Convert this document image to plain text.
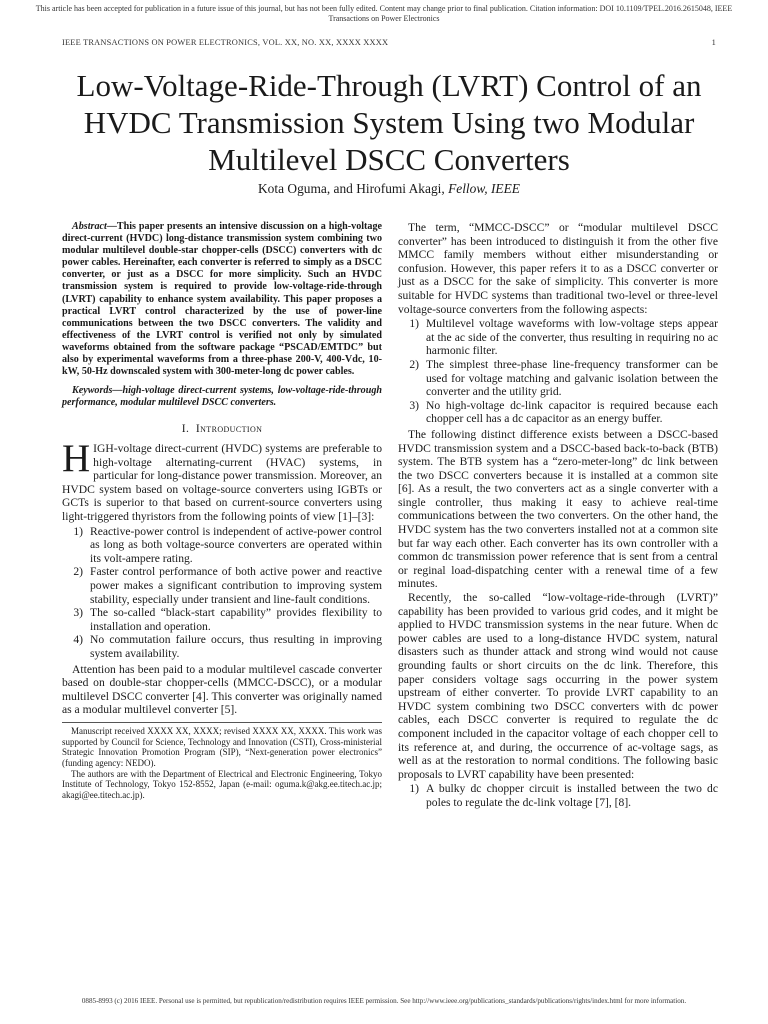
This article has been accepted for publication in a future issue of this journal, but has not been fully edited. Content may change prior to final publication. Citation information: DOI 10.1109/TPEL.2016.2615048, IEEE Transactions on Power Electronics
IEEE TRANSACTIONS ON POWER ELECTRONICS, VOL. XX, NO. XX, XXXX XXXX	1
Low-Voltage-Ride-Through (LVRT) Control of an
HVDC Transmission System Using two Modular
Multilevel DSCC Converters
Kota Oguma, and Hirofumi Akagi, Fellow, IEEE

Abstract—This paper presents an intensive discussion on a high-voltage direct-current (HVDC) long-distance transmission system combining two modular multilevel double-star chopper-cells (DSCC) converters with dc power cables. Hereinafter, each converter is referred to simply as a DSCC converter, or just as a DSCC for more simplicity. Such an HVDC transmission system is required to provide low-voltage-ride-through (LVRT) capability to enhance system availability. This paper proposes a practical LVRT control characterized by the use of power-line communications between the two DSCC converters. The validity and effectiveness of the LVRT control is verified not only by simulated waveforms obtained from the software package “PSCAD/EMTDC” but also by experimental waveforms from a three-phase 200-V, 400-Vdc, 10-kW, 50-Hz downscaled system with 300-meter-long dc power cables.

Keywords—high-voltage direct-current systems, low-voltage-ride-through performance, modular multilevel DSCC converters.

I. Introduction

HIGH-voltage direct-current (HVDC) systems are preferable to high-voltage alternating-current (HVAC) systems, in particular for long-distance power transmission. Moreover, an HVDC system based on voltage-source converters using IGBTs or GCTs is superior to that based on current-source converters using light-triggered thyristors from the following points of view [1]–[3]:

1) Reactive-power control is independent of active-power control as long as both voltage-source converters are operated within its volt-ampere rating.
2) Faster control performance of both active power and reactive power makes a significant contribution to improving system stability, especially under transient and line-fault conditions.
3) The so-called “black-start capability” provides flexibility to installation and operation.
4) No commutation failure occurs, thus resulting in improving system availability.

Attention has been paid to a modular multilevel cascade converter based on double-star chopper-cells (MMCC-DSCC), or a modular multilevel DSCC converter [4]. This converter was originally named as a modular multilevel converter [5].

Manuscript received XXXX XX, XXXX; revised XXXX XX, XXXX. This work was supported by Council for Science, Technology and Innovation (CSTI), Cross-ministerial Strategic Innovation Promotion Program (SIP), “Next-generation power electronics” (funding agency: NEDO).

The authors are with the Department of Electrical and Electronic Engineering, Tokyo Institute of Technology, Tokyo 152-8552, Japan (e-mail: oguma.k@akg.ee.titech.ac.jp; akagi@ee.titech.ac.jp).

The term, “MMCC-DSCC” or “modular multilevel DSCC converter” has been introduced to distinguish it from the other five MMCC family members without either misunderstanding or confusion. However, this paper refers it to as a DSCC converter or just as a DSCC for the sake of simplicity. This converter is more suitable for HVDC systems than traditional two-level or three-level voltage-source converters from the following aspects:

1) Multilevel voltage waveforms with low-voltage steps appear at the ac side of the converter, thus resulting in requiring no ac harmonic filter.
2) The simplest three-phase line-frequency transformer can be used for voltage matching and galvanic isolation between the converter and the utility grid.
3) No high-voltage dc-link capacitor is required because each chopper cell has a dc capacitor as an energy buffer.

The following distinct difference exists between a DSCC-based HVDC transmission system and a DSCC-based back-to-back (BTB) system. The BTB system has a “zero-meter-long” dc link between the two DSCC converters because it is installed at a common site [6]. As a result, the two converters act as a single converter with a single controller, thus making it easy to achieve real-time communications between the two converters. On the other hand, the HVDC system has the two converters installed not at a common site but far way each other. Each converter has its own controller with a common dc transmission power reference that is sent from a central or reginal load-dispatching center with a renewal time of a few minutes.

Recently, the so-called “low-voltage-ride-through (LVRT)” capability has been provided to various grid codes, and it might be applied to HVDC transmission systems in the near future. When dc power cables are used to a long-distance HVDC system, natural disasters such as thunder attack and strong wind would not cause grounding faults or short circuits on the dc link. Therefore, this paper considers voltage sags occurring in the power system upstream of either converter. To provide LVRT capability to an HVDC system combining two DSCC converters with dc power cables, each DSCC converter is required to regulate the dc component included in the capacitor voltage of each chopper cell to its reference at, and during, the occurrence of ac-voltage sags, as well as at the restoration to normal conditions. The following basic proposals to LVRT capability have been presented:

1) A bulky dc chopper circuit is installed between the two dc poles to regulate the dc-link voltage [7], [8].
0885-8993 (c) 2016 IEEE. Personal use is permitted, but republication/redistribution requires IEEE permission. See http://www.ieee.org/publications_standards/publications/rights/index.html for more information.
